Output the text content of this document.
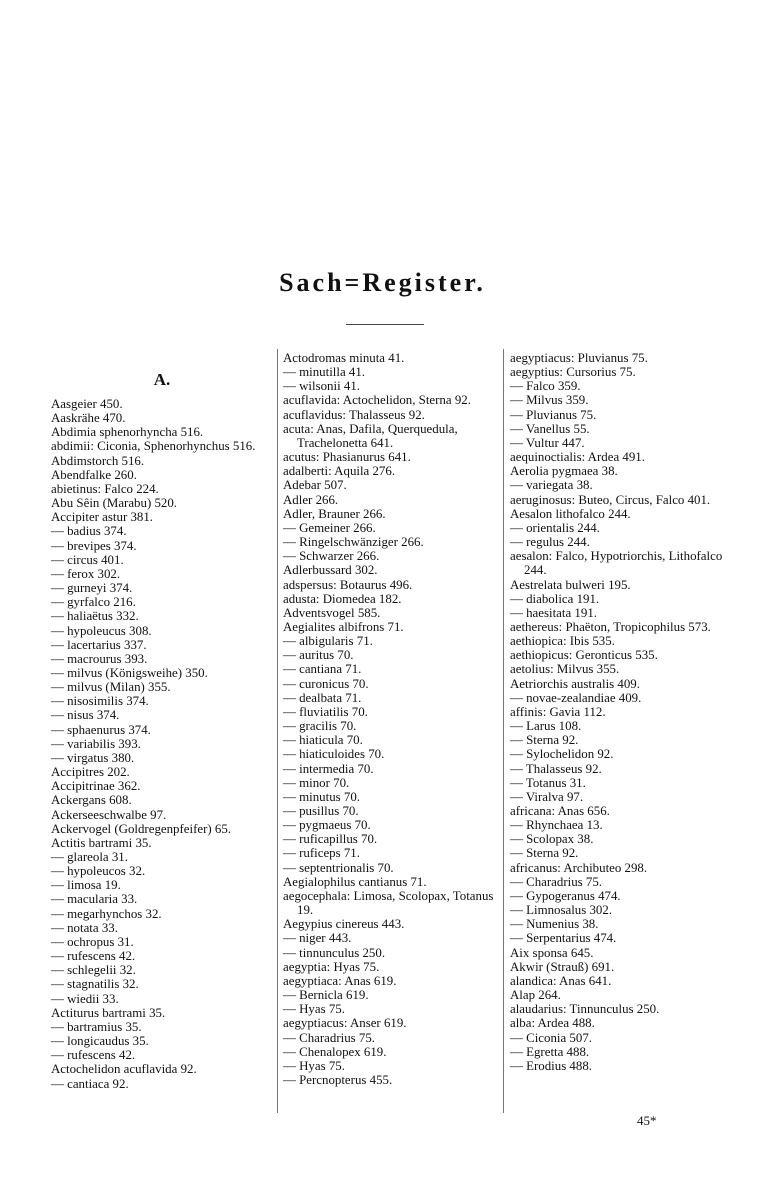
Sach=Register.
A.
Aasgeier 450.
Aaskrähe 470.
Abdimia sphenorhyncha 516.
abdimii: Ciconia, Sphenorhynchus 516.
Abdimstorch 516.
Abendfalke 260.
abietinus: Falco 224.
Abu Sêin (Marabu) 520.
Accipiter astur 381.
— badius 374.
— brevipes 374.
— circus 401.
— ferox 302.
— gurneyi 374.
— gyrfalco 216.
— haliaëtus 332.
— hypoleucus 308.
— lacertarius 337.
— macrourus 393.
— milvus (Königsweihe) 350.
— milvus (Milan) 355.
— nisosimilis 374.
— nisus 374.
— sphaenurus 374.
— variabilis 393.
— virgatus 380.
Accipitres 202.
Accipitrinae 362.
Ackergans 608.
Ackerseeschwalbe 97.
Ackervogel (Goldregenpfeifer) 65.
Actitis bartrami 35.
— glareola 31.
— hypoleucos 32.
— limosa 19.
— macularia 33.
— megarhynchos 32.
— notata 33.
— ochropus 31.
— rufescens 42.
— schlegelii 32.
— stagnatilis 32.
— wiedii 33.
Actiturus bartrami 35.
— bartramius 35.
— longicaudus 35.
— rufescens 42.
Actochelidon acuflavida 92.
— cantiaca 92.
Actodromas minuta 41.
— minutilla 41.
— wilsonii 41.
acuflavida: Actochelidon, Sterna 92.
acuflavidus: Thalasseus 92.
acuta: Anas, Dafila, Querquedula, Trachelonetta 641.
acutus: Phasianurus 641.
adalberti: Aquila 276.
Adebar 507.
Adler 266.
Adler, Brauner 266.
— Gemeiner 266.
— Ringelschwänziger 266.
— Schwarzer 266.
Adlerbussard 302.
adspersus: Botaurus 496.
adusta: Diomedea 182.
Adventsvogel 585.
Aegialites albifrons 71.
— albigularis 71.
— auritus 70.
— cantiana 71.
— curonicus 70.
— dealbata 71.
— fluviatilis 70.
— gracilis 70.
— hiaticula 70.
— hiaticuloides 70.
— intermedia 70.
— minor 70.
— minutus 70.
— pusillus 70.
— pygmaeus 70.
— ruficapillus 70.
— ruficeps 71.
— septentrionalis 70.
Aegialophilus cantianus 71.
aegocephala: Limosa, Scolopax, Totanus 19.
Aegypius cinereus 443.
— niger 443.
— tinnunculus 250.
aegyptia: Hyas 75.
aegyptiaca: Anas 619.
— Bernicla 619.
— Hyas 75.
aegyptiacus: Anser 619.
— Charadrius 75.
— Chenalopex 619.
— Hyas 75.
— Percnopterus 455.
aegyptiacus: Pluvianus 75.
aegyptius: Cursorius 75.
— Falco 359.
— Milvus 359.
— Pluvianus 75.
— Vanellus 55.
— Vultur 447.
aequinoctialis: Ardea 491.
Aerolia pygmaea 38.
— variegata 38.
aeruginosus: Buteo, Circus, Falco 401.
Aesalon lithofalco 244.
— orientalis 244.
— regulus 244.
aesalon: Falco, Hypotriorchis, Lithofalco 244.
Aestrelata bulweri 195.
— diabolica 191.
— haesitata 191.
aethereus: Phaëton, Tropicophilus 573.
aethiopica: Ibis 535.
aethiopicus: Geronticus 535.
aetolius: Milvus 355.
Aetriorchis australis 409.
— novae-zealandiae 409.
affinis: Gavia 112.
— Larus 108.
— Sterna 92.
— Sylochelidon 92.
— Thalasseus 92.
— Totanus 31.
— Viralva 97.
africana: Anas 656.
— Rhynchaea 13.
— Scolopax 38.
— Sterna 92.
africanus: Archibuteo 298.
— Charadrius 75.
— Gypogeranus 474.
— Limnosalus 302.
— Numenius 38.
— Serpentarius 474.
Aix sponsa 645.
Akwir (Strauß) 691.
alandica: Anas 641.
Alap 264.
alaudarius: Tinnunculus 250.
alba: Ardea 488.
— Ciconia 507.
— Egretta 488.
— Erodius 488.
45*
